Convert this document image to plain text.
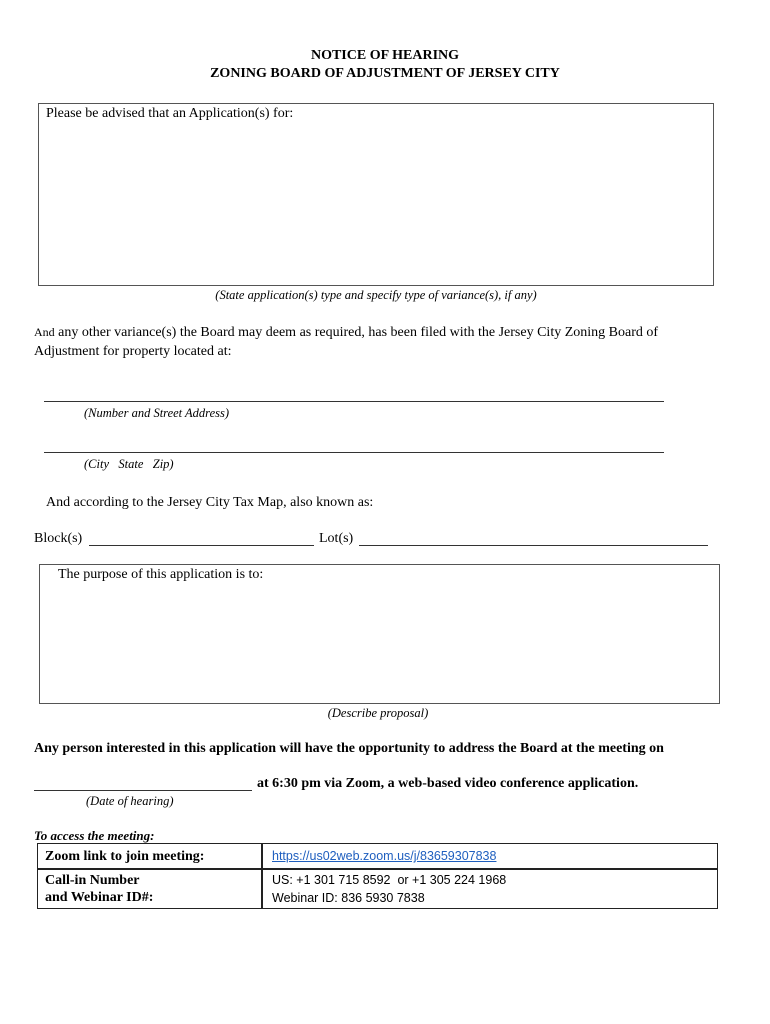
NOTICE OF HEARING
ZONING BOARD OF ADJUSTMENT OF JERSEY CITY
Please be advised that an Application(s) for:
(State application(s) type and specify type of variance(s), if any)
And any other variance(s) the Board may deem as required, has been filed with the Jersey City Zoning Board of
Adjustment for property located at:
(Number and Street Address)
(City   State   Zip)
And according to the Jersey City Tax Map, also known as:
Block(s)	Lot(s)
The purpose of this application is to:
(Describe proposal)
Any person interested in this application will have the opportunity to address the Board at the meeting on
at 6:30 pm via Zoom, a web-based video conference application.
(Date of hearing)
To access the meeting:
Zoom link to join meeting:	https://us02web.zoom.us/j/83659307838
Call-in Number
and Webinar ID#:
US: +1 301 715 8592  or +1 305 224 1968
Webinar ID: 836 5930 7838
